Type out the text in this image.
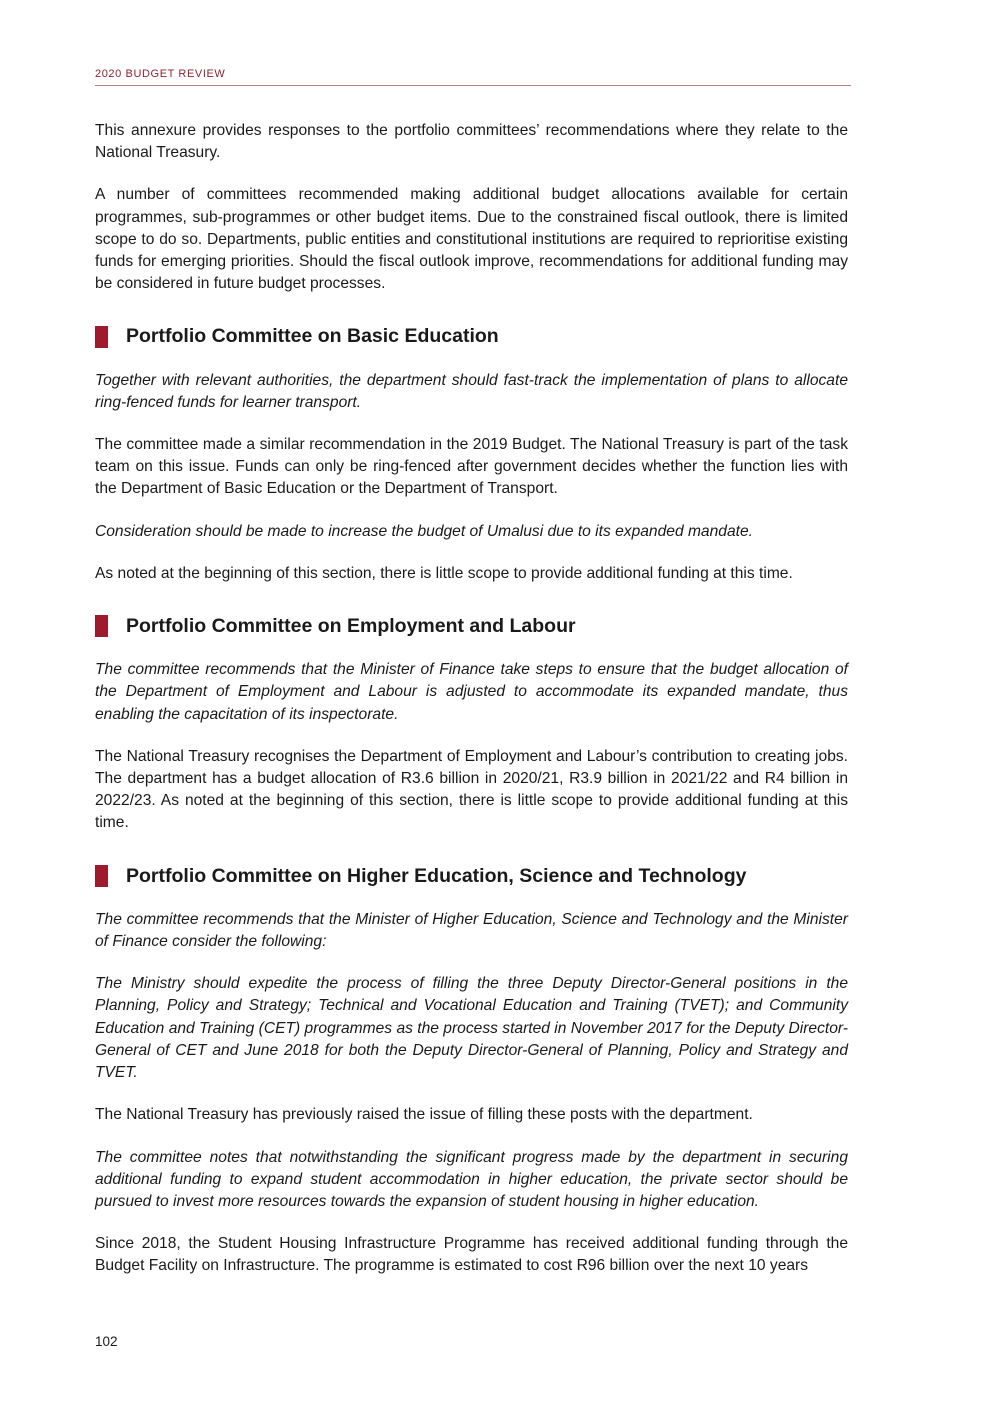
2020 BUDGET REVIEW

This annexure provides responses to the portfolio committees’ recommendations where they relate to the National Treasury.

A number of committees recommended making additional budget allocations available for certain programmes, sub-programmes or other budget items. Due to the constrained fiscal outlook, there is limited scope to do so. Departments, public entities and constitutional institutions are required to reprioritise existing funds for emerging priorities. Should the fiscal outlook improve, recommendations for additional funding may be considered in future budget processes.

Portfolio Committee on Basic Education

Together with relevant authorities, the department should fast-track the implementation of plans to allocate ring-fenced funds for learner transport.

The committee made a similar recommendation in the 2019 Budget. The National Treasury is part of the task team on this issue. Funds can only be ring-fenced after government decides whether the function lies with the Department of Basic Education or the Department of Transport.

Consideration should be made to increase the budget of Umalusi due to its expanded mandate.

As noted at the beginning of this section, there is little scope to provide additional funding at this time.

Portfolio Committee on Employment and Labour

The committee recommends that the Minister of Finance take steps to ensure that the budget allocation of the Department of Employment and Labour is adjusted to accommodate its expanded mandate, thus enabling the capacitation of its inspectorate.

The National Treasury recognises the Department of Employment and Labour’s contribution to creating jobs. The department has a budget allocation of R3.6 billion in 2020/21, R3.9 billion in 2021/22 and R4 billion in 2022/23. As noted at the beginning of this section, there is little scope to provide additional funding at this time.

Portfolio Committee on Higher Education, Science and Technology

The committee recommends that the Minister of Higher Education, Science and Technology and the Minister of Finance consider the following:

The Ministry should expedite the process of filling the three Deputy Director-General positions in the Planning, Policy and Strategy; Technical and Vocational Education and Training (TVET); and Community Education and Training (CET) programmes as the process started in November 2017 for the Deputy Director-General of CET and June 2018 for both the Deputy Director-General of Planning, Policy and Strategy and TVET.

The National Treasury has previously raised the issue of filling these posts with the department.

The committee notes that notwithstanding the significant progress made by the department in securing additional funding to expand student accommodation in higher education, the private sector should be pursued to invest more resources towards the expansion of student housing in higher education.

Since 2018, the Student Housing Infrastructure Programme has received additional funding through the Budget Facility on Infrastructure. The programme is estimated to cost R96 billion over the next 10 years

102
